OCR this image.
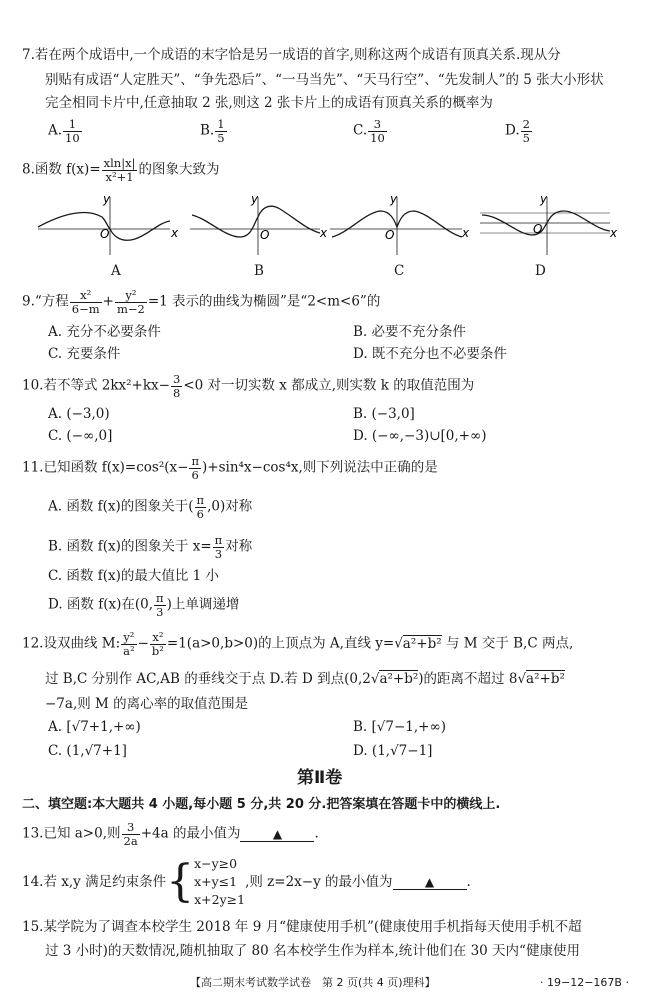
7.若在两个成语中,一个成语的末字恰是另一成语的首字,则称这两个成语有顶真关系.现从分
别贴有成语“人定胜天”、“争先恐后”、“一马当先”、“天马行空”、“先发制人”的 5 张大小形状
完全相同卡片中,任意抽取 2 张,则这 2 张卡片上的成语有顶真关系的概率为
A. $\frac{1}{10}$	B. $\frac{1}{5}$	C. $\frac{3}{10}$	D. $\frac{2}{5}$
8.函数 $f(x)= \frac{xln|x|}{\text{x²+1}}$ 的图象大致为
y
x
O
y
x
O
y
x
O
y
x
O
A	B	C	D
9.“方程 $\frac{\text{x²}}{6-m} + \frac{\text{y²}}{m-2} =1$ 表示的曲线为椭圆”是“2<m<6”的
A. 充分不必要条件	B. 必要不充分条件
C. 充要条件	D. 既不充分也不必要条件
10.若不等式 $2kx^2+kx- \frac{3}{8} <0$ 对一切实数 x 都成立,则实数 k 的取值范围为
A. (−3,0)	B. (−3,0]
C. (−∞,0]	D. (−∞,−3)∪[0,+∞)
11.已知函数 $f(x)=\cos^2(x- \frac{\pi}{6} )+\sin^4x-\cos^4x$,则下列说法中正确的是
A. 函数 f(x)的图象关于( $\frac{\pi}{6} ,0$)对称
B. 函数 f(x)的图象关于 $x= \frac{\pi}{3}$ 对称
C. 函数 f(x)的最大值比 1 小
D. 函数 f(x)在(0, $\frac{\pi}{3}$ )上单调递增
12.设双曲线 M: $\frac{\text{y²}}{\text{a²}} - \frac{\text{x²}}{\text{b²}} =1(a>0,b>0)$的上顶点为 A,直线 y=√a²+b² 与 M 交于 B,C 两点,
过 B,C 分别作 AC,AB 的垂线交于点 D.若 D 到点(0,2√a²+b²)的距离不超过 8√a²+b²
−7a,则 M 的离心率的取值范围是
A. [√7+1,+∞)	B. [√7−1,+∞)
C. (1,√7+1]	D. (1,√7−1]
第Ⅱ卷
二、填空题:本大题共 4 小题,每小题 5 分,共 20 分.把答案填在答题卡中的横线上.
13.已知 a>0,则 $\frac{3}{2a} +4a$ 的最小值为	▲ .
14.若 x,y 满足约束条件{ x−y≥0
x+y≤1
x+2y≥1
,则 z=2x−y 的最小值为	▲ .
15.某学院为了调查本校学生 2018 年 9 月“健康使用手机”(健康使用手机指每天使用手机不超
过 3 小时)的天数情况,随机抽取了 80 名本校学生作为样本,统计他们在 30 天内“健康使用
【高二期末考试数学试卷　第 2 页(共 4 页)理科】	· 19−12−167B ·
